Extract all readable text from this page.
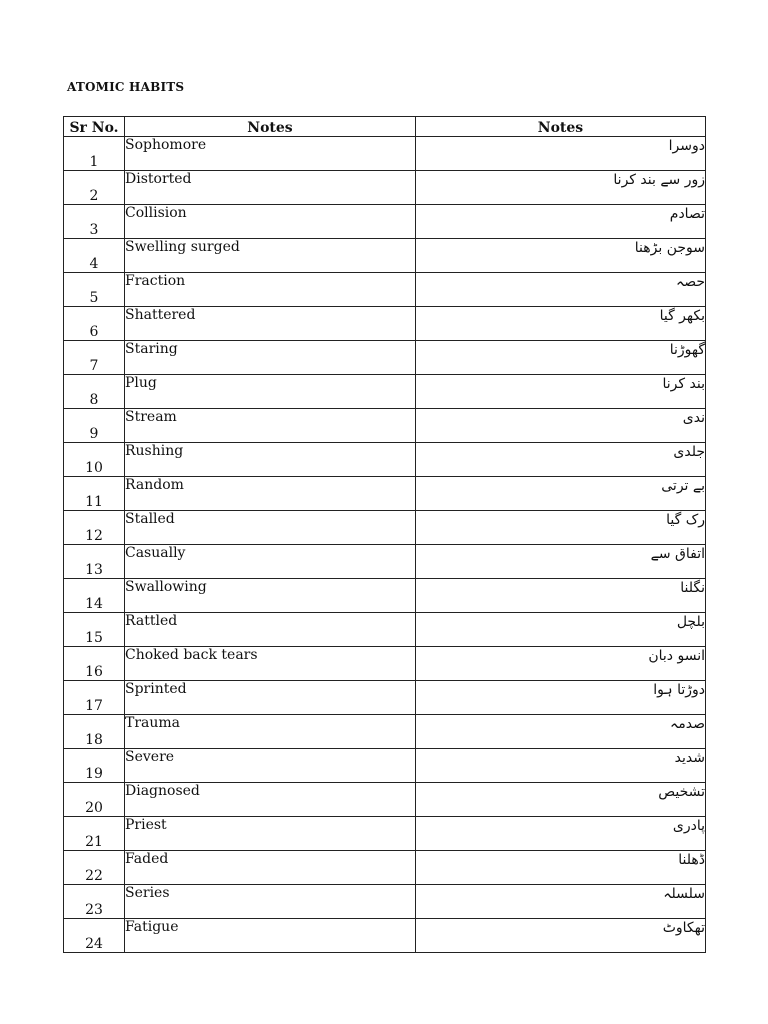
ATOMIC HABITS
Sr No.	Notes	Notes
1	Sophomore	دوسرا
2	Distorted	زور سے بند کرنا
3	Collision	تصادم
4	Swelling surged	سوجن بڑھنا
5	Fraction	حصہ
6	Shattered	بکھر گیا
7	Staring	گھوڑنا
8	Plug	بند کرنا
9	Stream	ندی
10	Rushing	جلدی
11	Random	بے ترتی
12	Stalled	رک گیا
13	Casually	اتفاق سے
14	Swallowing	نگلنا
15	Rattled	بلچل
16	Choked back tears	انسو دبان
17	Sprinted	دوڑتا ہوا
18	Trauma	صدمہ
19	Severe	شدید
20	Diagnosed	تشخیص
21	Priest	پادری
22	Faded	ڈھلنا
23	Series	سلسلہ
24	Fatigue	تھکاوٹ
